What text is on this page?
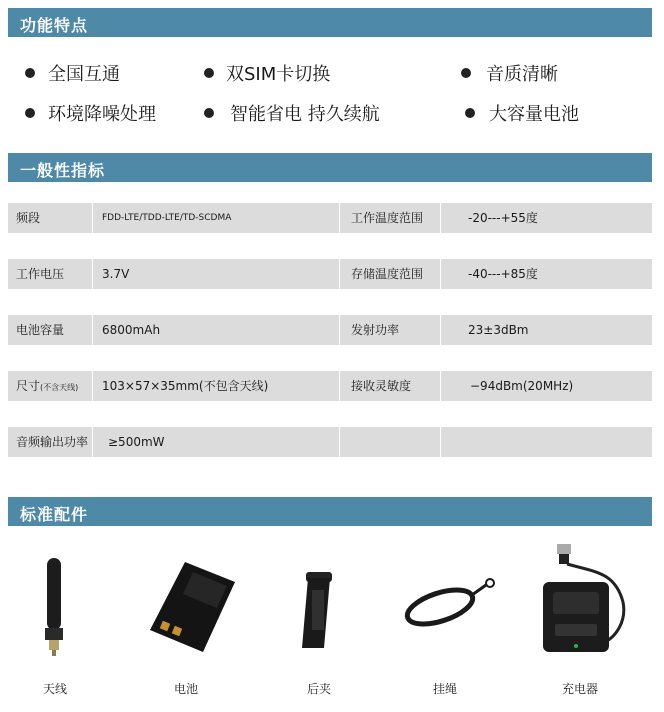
功能特点
全国互通	双SIM卡切换	音质清晰
环境降噪处理	智能省电 持久续航	大容量电池
一般性指标
频段	FDD-LTE/TDD-LTE/TD-SCDMA	工作温度范围	-20---+55度
工作电压	3.7V	存储温度范围	-40---+85度
电池容量	6800mAh	发射功率	23±3dBm
尺寸(不含天线) 103×57×35mm(不包含天线)	接收灵敏度	−94dBm(20MHz)
音频输出功率 ≥500mW
标准配件
天线	电池	后夹	挂绳	充电器
